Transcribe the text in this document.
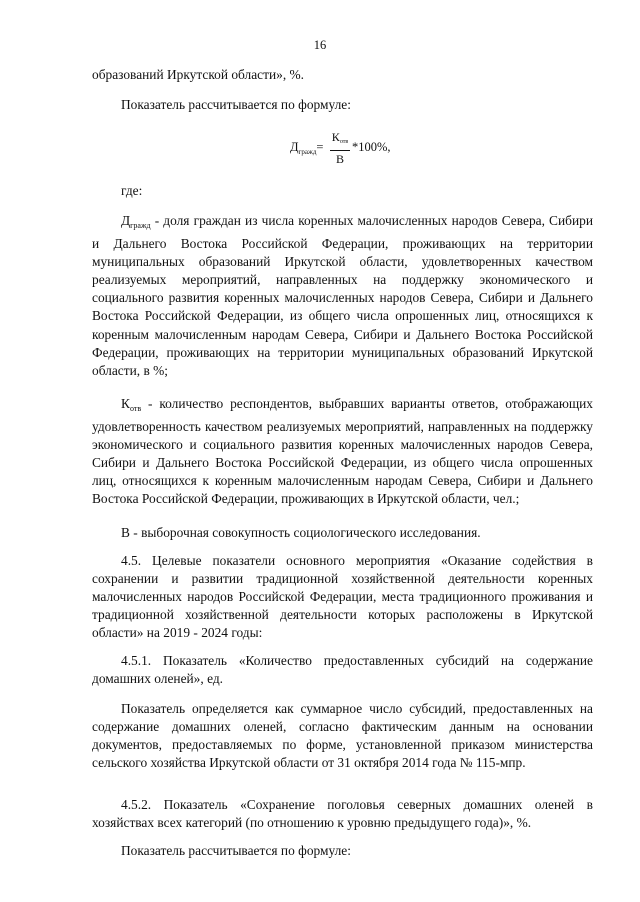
16

образований Иркутской области», %.

Показатель рассчитывается по формуле:

$Д_{гражд}=$
$К_{отв}$
В
*100%,

где:

$Д_{гражд}$ - доля граждан из числа коренных малочисленных народов Севера, Сибири и Дальнего Востока Российской Федерации, проживающих на территории муниципальных образований Иркутской области, удовлетворенных качеством реализуемых мероприятий, направленных на поддержку экономического и социального развития коренных малочисленных народов Севера, Сибири и Дальнего Востока Российской Федерации, из общего числа опрошенных лиц, относящихся к коренным малочисленным народам Севера, Сибири и Дальнего Востока Российской Федерации, проживающих на территории муниципальных образований Иркутской области, в %;

$К_{отв}$ - количество респондентов, выбравших варианты ответов, отображающих удовлетворенность качеством реализуемых мероприятий, направленных на поддержку экономического и социального развития коренных малочисленных народов Севера, Сибири и Дальнего Востока Российской Федерации, из общего числа опрошенных лиц, относящихся к коренным малочисленным народам Севера, Сибири и Дальнего Востока Российской Федерации, проживающих в Иркутской области, чел.;

В - выборочная совокупность социологического исследования.

4.5. Целевые показатели основного мероприятия «Оказание содействия в сохранении и развитии традиционной хозяйственной деятельности коренных малочисленных народов Российской Федерации, места традиционного проживания и традиционной хозяйственной деятельности которых расположены в Иркутской области» на 2019 - 2024 годы:

4.5.1. Показатель «Количество предоставленных субсидий на содержание домашних оленей», ед.

Показатель определяется как суммарное число субсидий, предоставленных на содержание домашних оленей, согласно фактическим данным на основании документов, предоставляемых по форме, установленной приказом министерства сельского хозяйства Иркутской области от 31 октября 2014 года № 115-мпр.

4.5.2. Показатель «Сохранение поголовья северных домашних оленей в хозяйствах всех категорий (по отношению к уровню предыдущего года)», %.

Показатель рассчитывается по формуле:
